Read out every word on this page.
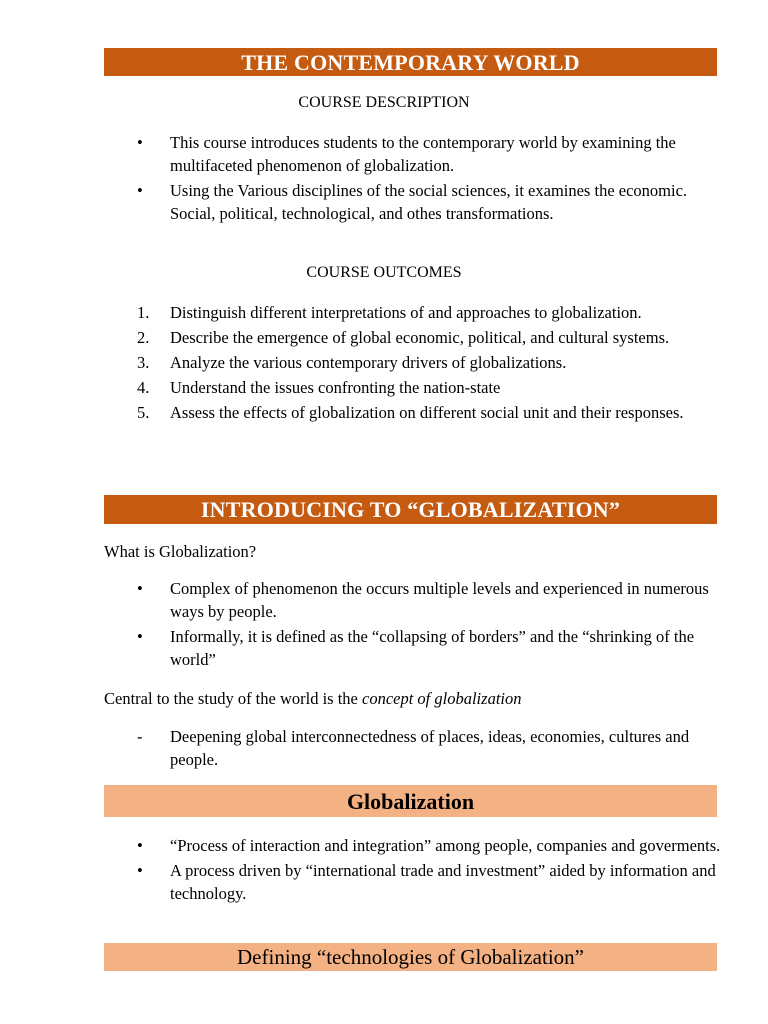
THE CONTEMPORARY WORLD
COURSE DESCRIPTION
•	This course introduces students to the contemporary world by examining the multifaceted phenomenon of globalization.
•	Using the Various disciplines of the social sciences, it examines the economic. Social, political, technological, and othes transformations.
COURSE OUTCOMES
1.	Distinguish different interpretations of and approaches to globalization.
2.	Describe the emergence of global economic, political, and cultural systems.
3.	Analyze the various contemporary drivers of globalizations.
4.	Understand the issues confronting the nation-state
5.	Assess the effects of globalization on different social unit and their responses.
INTRODUCING TO “GLOBALIZATION”
What is Globalization?
•	Complex of phenomenon the occurs multiple levels and experienced in numerous ways by people.
•	Informally, it is defined as the “collapsing of borders” and the “shrinking of the world”
Central to the study of the world is the concept of globalization
-	Deepening global interconnectedness of places, ideas, economies, cultures and people.
Globalization
•	“Process of interaction and integration” among people, companies and goverments.
•	A process driven by “international trade and investment” aided by information and technology.
Defining “technologies of Globalization”
